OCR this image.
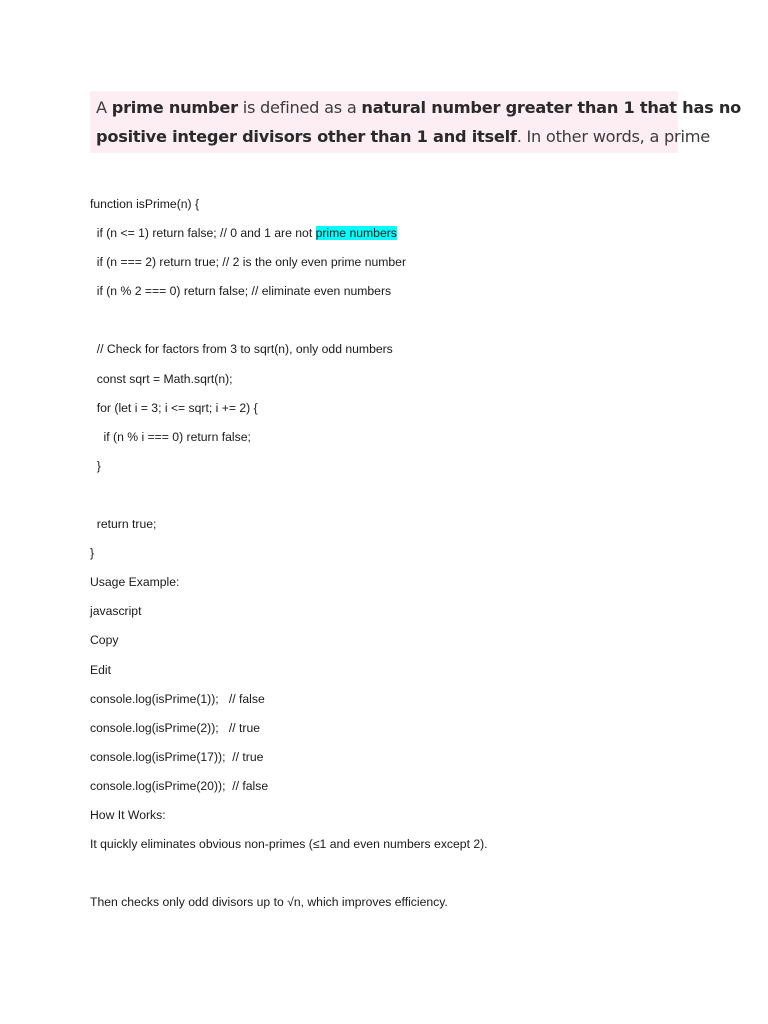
A prime number is defined as a natural number greater than 1 that has no
positive integer divisors other than 1 and itself. In other words, a prime
function isPrime(n) {
if (n <= 1) return false; // 0 and 1 are not prime numbers
if (n === 2) return true; // 2 is the only even prime number
if (n % 2 === 0) return false; // eliminate even numbers
// Check for factors from 3 to sqrt(n), only odd numbers
const sqrt = Math.sqrt(n);
for (let i = 3; i <= sqrt; i += 2) {
if (n % i === 0) return false;
}
return true;
}
Usage Example:
javascript
Copy
Edit
console.log(isPrime(1));   // false
console.log(isPrime(2));   // true
console.log(isPrime(17));  // true
console.log(isPrime(20));  // false
How It Works:
It quickly eliminates obvious non-primes (≤1 and even numbers except 2).
Then checks only odd divisors up to √n, which improves efficiency.
